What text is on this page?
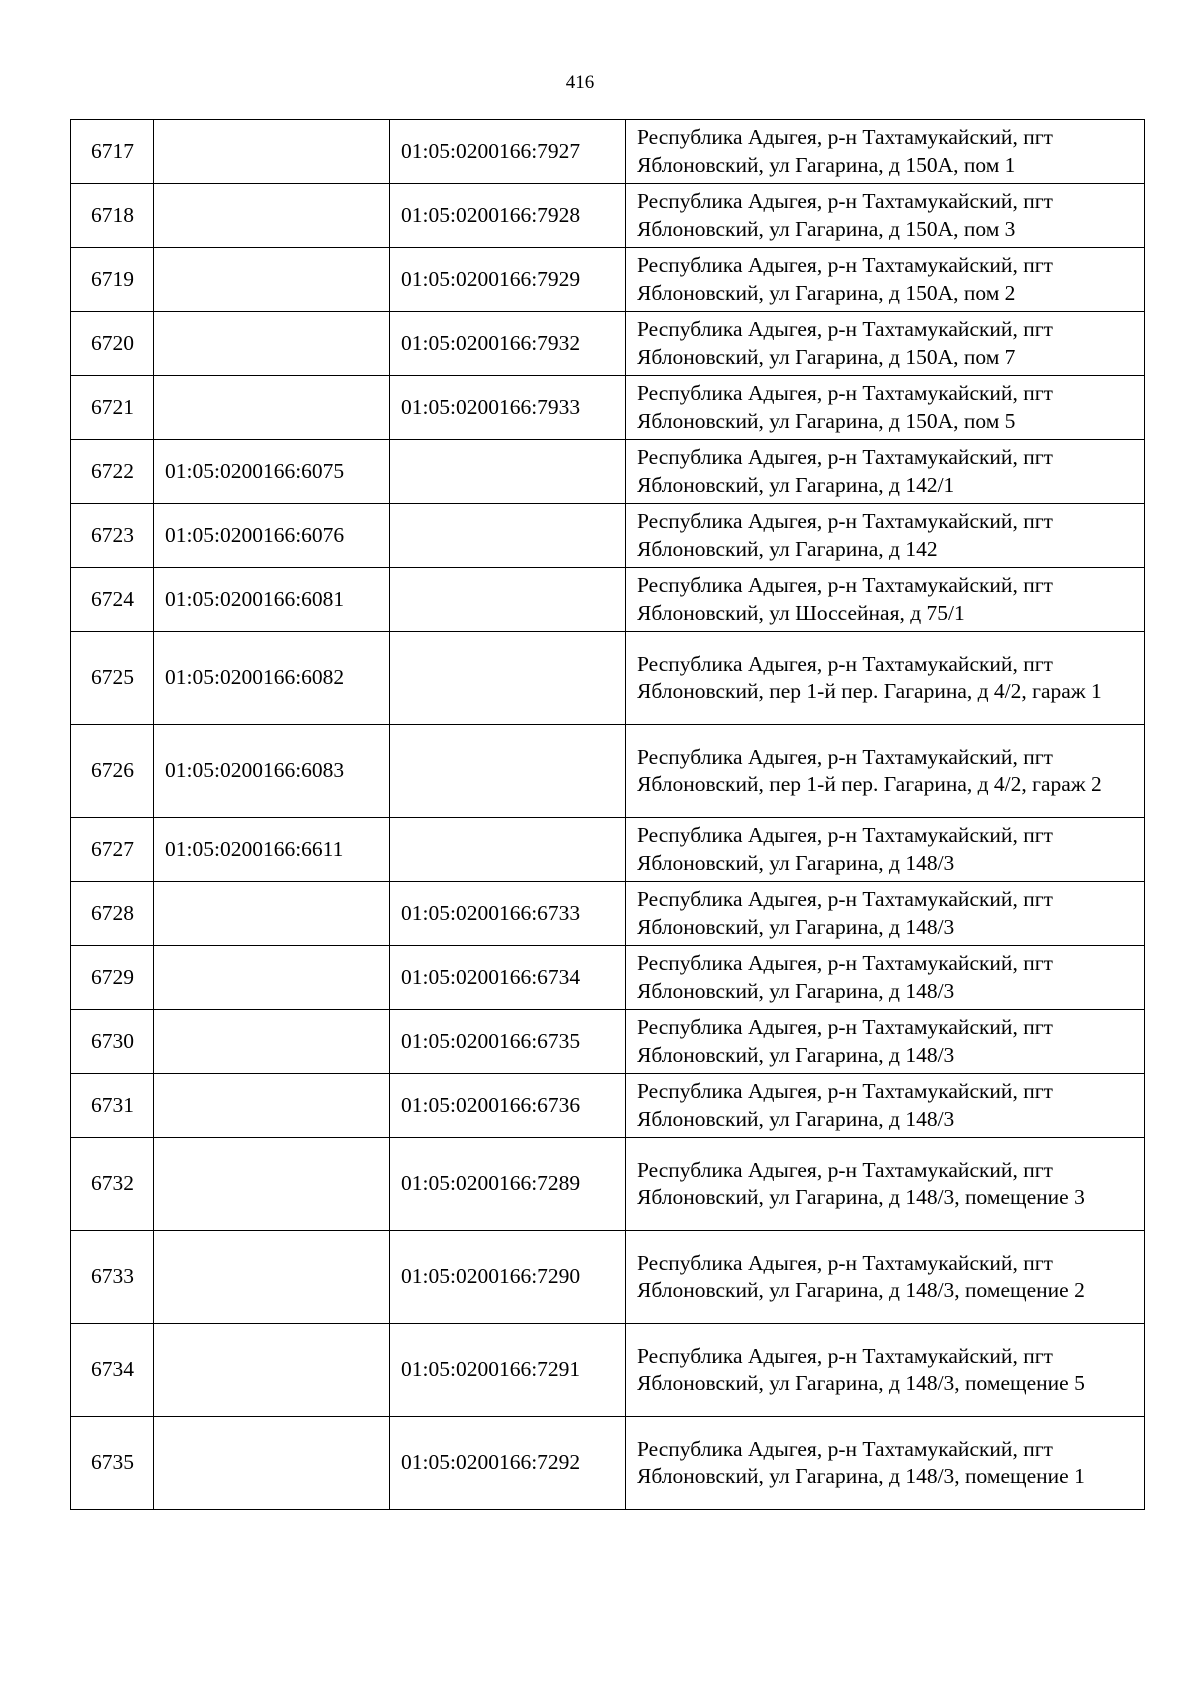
416
6717		01:05:0200166:7927	Республика Адыгея, р-н Тахтамукайский, пгт Яблоновский, ул Гагарина, д 150А, пом 1
6718		01:05:0200166:7928	Республика Адыгея, р-н Тахтамукайский, пгт Яблоновский, ул Гагарина, д 150А, пом 3
6719		01:05:0200166:7929	Республика Адыгея, р-н Тахтамукайский, пгт Яблоновский, ул Гагарина, д 150А, пом 2
6720		01:05:0200166:7932	Республика Адыгея, р-н Тахтамукайский, пгт Яблоновский, ул Гагарина, д 150А, пом 7
6721		01:05:0200166:7933	Республика Адыгея, р-н Тахтамукайский, пгт Яблоновский, ул Гагарина, д 150А, пом 5
6722	01:05:0200166:6075		Республика Адыгея, р-н Тахтамукайский, пгт Яблоновский, ул Гагарина, д 142/1
6723	01:05:0200166:6076		Республика Адыгея, р-н Тахтамукайский, пгт Яблоновский, ул Гагарина, д 142
6724	01:05:0200166:6081		Республика Адыгея, р-н Тахтамукайский, пгт Яблоновский, ул Шоссейная, д 75/1
6725	01:05:0200166:6082		Республика Адыгея, р-н Тахтамукайский, пгт Яблоновский, пер 1-й пер. Гагарина, д 4/2, гараж 1
6726	01:05:0200166:6083		Республика Адыгея, р-н Тахтамукайский, пгт Яблоновский, пер 1-й пер. Гагарина, д 4/2, гараж 2
6727	01:05:0200166:6611		Республика Адыгея, р-н Тахтамукайский, пгт Яблоновский, ул Гагарина, д 148/3
6728		01:05:0200166:6733	Республика Адыгея, р-н Тахтамукайский, пгт Яблоновский, ул Гагарина, д 148/3
6729		01:05:0200166:6734	Республика Адыгея, р-н Тахтамукайский, пгт Яблоновский, ул Гагарина, д 148/3
6730		01:05:0200166:6735	Республика Адыгея, р-н Тахтамукайский, пгт Яблоновский, ул Гагарина, д 148/3
6731		01:05:0200166:6736	Республика Адыгея, р-н Тахтамукайский, пгт Яблоновский, ул Гагарина, д 148/3
6732		01:05:0200166:7289	Республика Адыгея, р-н Тахтамукайский, пгт Яблоновский, ул Гагарина, д 148/3, помещение 3
6733		01:05:0200166:7290	Республика Адыгея, р-н Тахтамукайский, пгт Яблоновский, ул Гагарина, д 148/3, помещение 2
6734		01:05:0200166:7291	Республика Адыгея, р-н Тахтамукайский, пгт Яблоновский, ул Гагарина, д 148/3, помещение 5
6735		01:05:0200166:7292	Республика Адыгея, р-н Тахтамукайский, пгт Яблоновский, ул Гагарина, д 148/3, помещение 1
